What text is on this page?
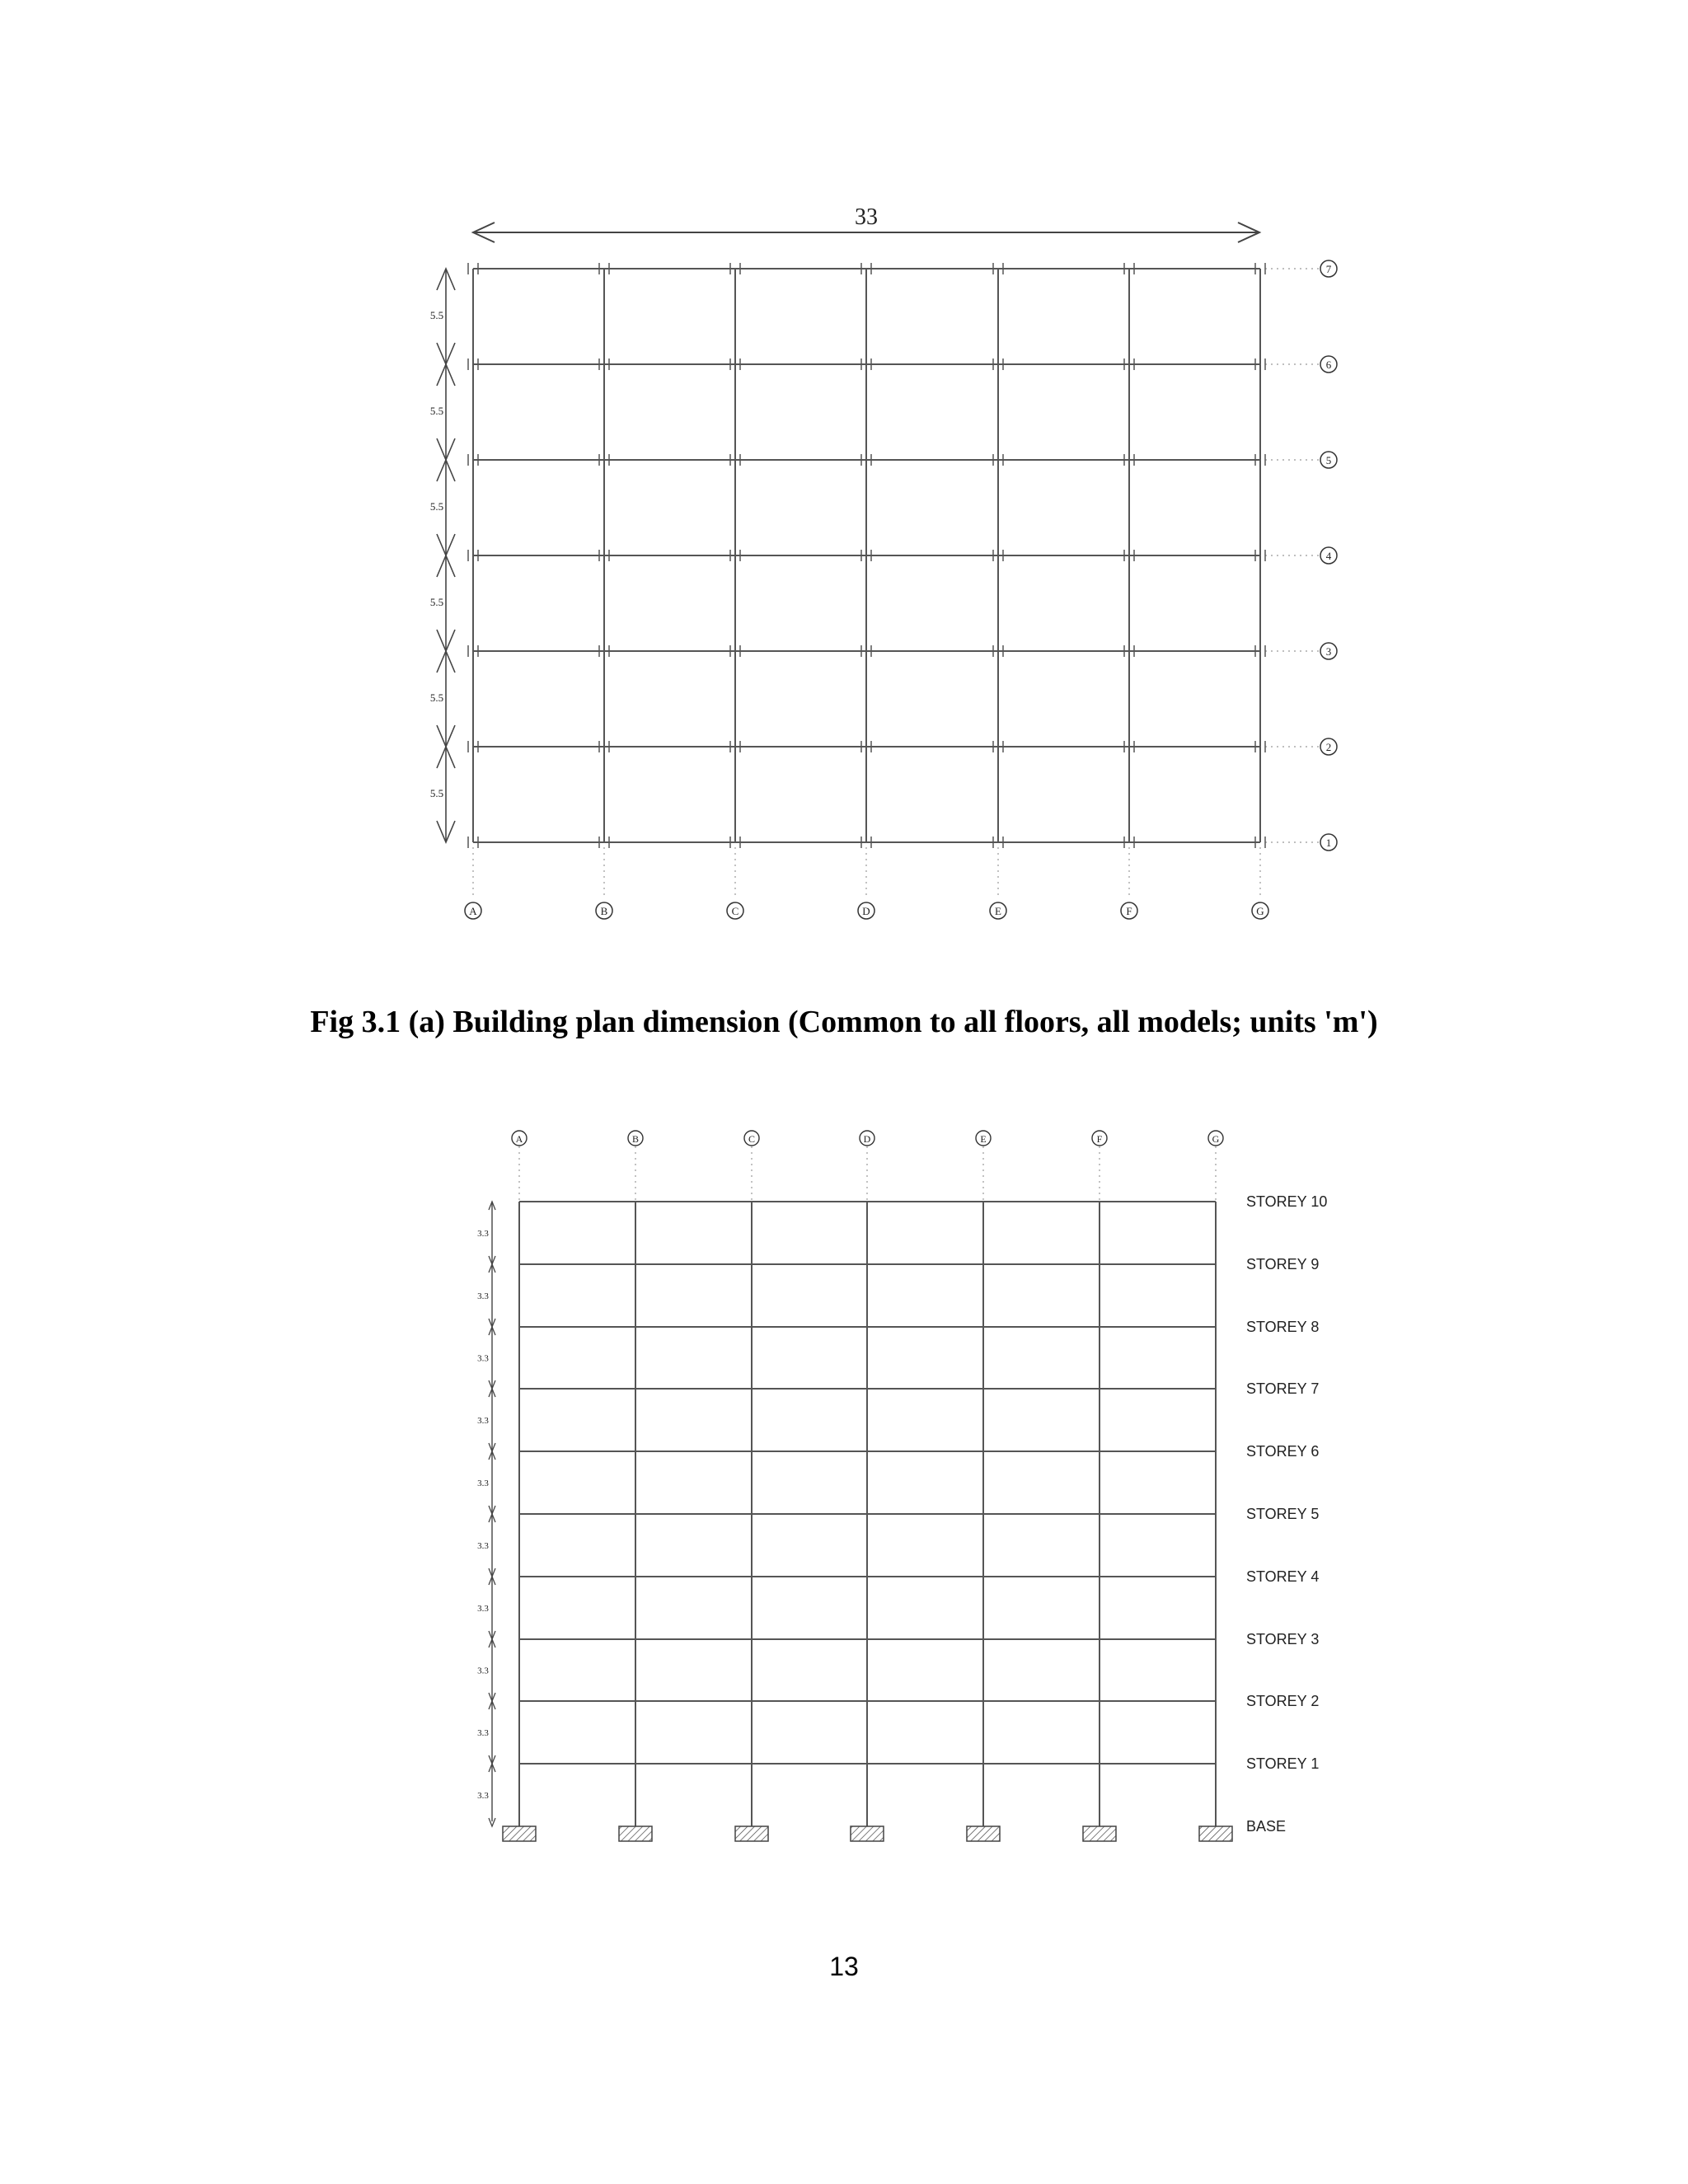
33
5.5
5.5
5.5
5.5
5.5
5.5
A	B	C	D	E	F	G
7
6
5
4
3
2
1
A	B	C	D	E	F	G
STOREY 10
STOREY 9
STOREY 8
STOREY 7
STOREY 6
STOREY 5
STOREY 4
STOREY 3
STOREY 2
STOREY 1
BASE
3.3
3.3
3.3
3.3
3.3
3.3
3.3
3.3
3.3
3.3
Fig 3.1 (a) Building plan dimension (Common to all floors, all models; units 'm')
13
